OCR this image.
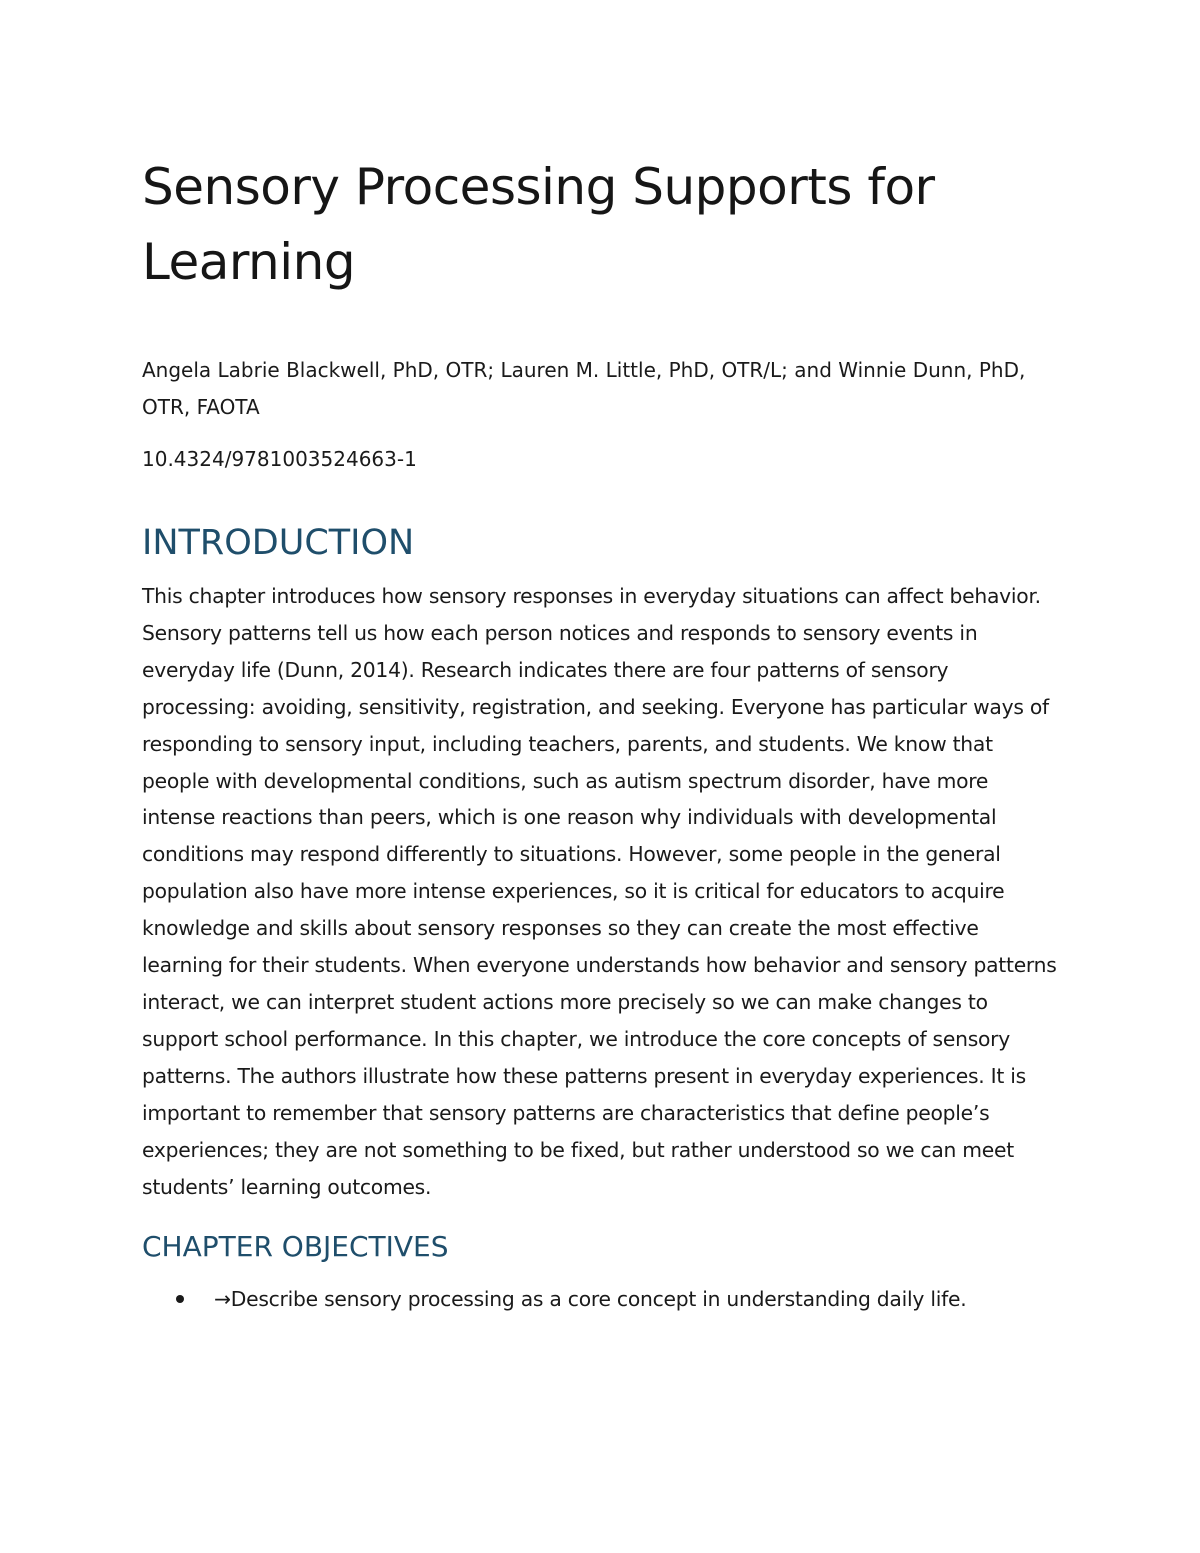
Sensory Processing Supports for Learning

Angela Labrie Blackwell, PhD, OTR; Lauren M. Little, PhD, OTR/L; and Winnie Dunn, PhD, OTR, FAOTA

10.4324/9781003524663-1

INTRODUCTION

This chapter introduces how sensory responses in everyday situations can affect behavior. Sensory patterns tell us how each person notices and responds to sensory events in everyday life (Dunn, 2014). Research indicates there are four patterns of sensory processing: avoiding, sensitivity, registration, and seeking. Everyone has particular ways of responding to sensory input, including teachers, parents, and students. We know that people with developmental conditions, such as autism spectrum disorder, have more intense reactions than peers, which is one reason why individuals with developmental conditions may respond differently to situations. However, some people in the general population also have more intense experiences, so it is critical for educators to acquire knowledge and skills about sensory responses so they can create the most effective learning for their students. When everyone understands how behavior and sensory patterns interact, we can interpret student actions more precisely so we can make changes to support school performance. In this chapter, we introduce the core concepts of sensory patterns. The authors illustrate how these patterns present in everyday experiences. It is important to remember that sensory patterns are characteristics that define people’s experiences; they are not something to be fixed, but rather understood so we can meet students’ learning outcomes.

CHAPTER OBJECTIVES
→Describe sensory processing as a core concept in understanding daily life.
